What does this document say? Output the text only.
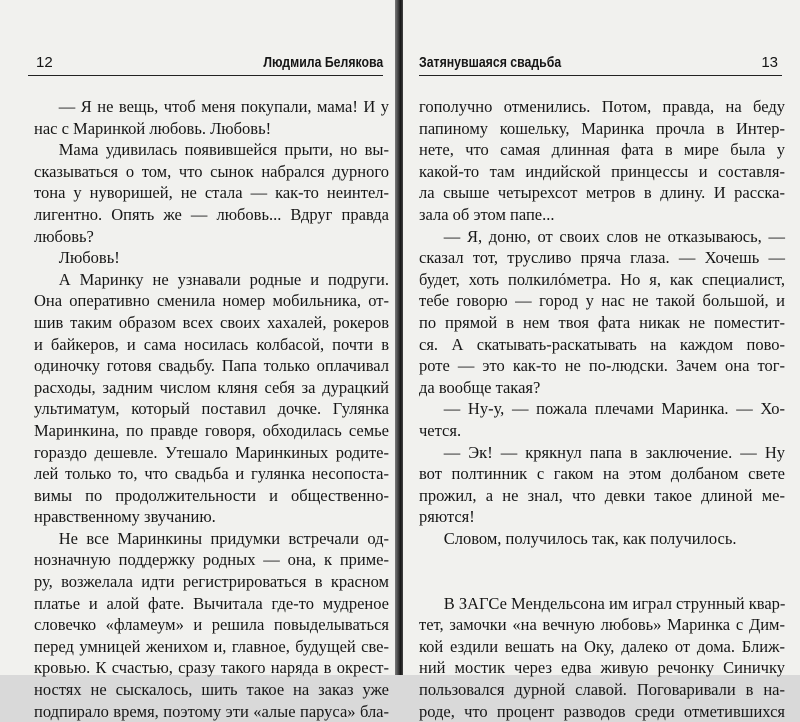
12	Людмила Белякова
  — Я не вещь, чтоб меня покупали, мама! И у
нас с Маринкой любовь. Любовь!
  Мама удивилась появившейся прыти, но вы-
сказываться о том, что сынок набрался дурного
тона у нуворишей, не стала — как-то неинтел-
лигентно. Опять же — любовь... Вдруг правда
любовь?
  Любовь!
  А Маринку не узнавали родные и подруги.
Она оперативно сменила номер мобильника, от-
шив таким образом всех своих хахалей, рокеров
и байкеров, и сама носилась колбасой, почти в
одиночку готовя свадьбу. Папа только оплачивал
расходы, задним числом кляня себя за дурацкий
ультиматум, который поставил дочке. Гулянка
Маринкина, по правде говоря, обходилась семье
гораздо дешевле. Утешало Маринкиных родите-
лей только то, что свадьба и гулянка несопоста-
вимы по продолжительности и общественно-
нравственному звучанию.
  Не все Маринкины придумки встречали од-
нозначную поддержку родных — она, к приме-
ру, возжелала идти регистрироваться в красном
платье и алой фате. Вычитала где-то мудреное
словечко «фламеум» и решила повыделываться
перед умницей женихом и, главное, будущей све-
кровью. К счастью, сразу такого наряда в окрест-
ностях не сыскалось, шить такое на заказ уже
подпирало время, поэтому эти «алые паруса» бла-
Затянувшаяся свадьба	13
гополучно отменились. Потом, правда, на беду
папиному кошельку, Маринка прочла в Интер-
нете, что самая длинная фата в мире была у
какой-то там индийской принцессы и составля-
ла свыше четырехсот метров в длину. И расска-
зала об этом папе...
  — Я, доню, от своих слов не отказываюсь, —
сказал тот, трусливо пряча глаза. — Хочешь —
будет, хоть полкилóметра. Но я, как специалист,
тебе говорю — город у нас не такой большой, и
по прямой в нем твоя фата никак не поместит-
ся. А скатывать-раскатывать на каждом пово-
роте — это как-то не по-людски. Зачем она тог-
да вообще такая?
  — Ну-у, — пожала плечами Маринка. — Хо-
чется.
  — Эк! — крякнул папа в заключение. — Ну
вот полтинник с гаком на этом долбаном свете
прожил, а не знал, что девки такое длиной ме-
ряются!
  Словом, получилось так, как получилось.
  В ЗАГСе Мендельсона им играл струнный квар-
тет, замочки «на вечную любовь» Маринка с Дим-
кой ездили вешать на Оку, далеко от дома. Ближ-
ний мостик через едва живую речонку Синичку
пользовался дурной славой. Поговаривали в на-
роде, что процент разводов среди отметившихся
